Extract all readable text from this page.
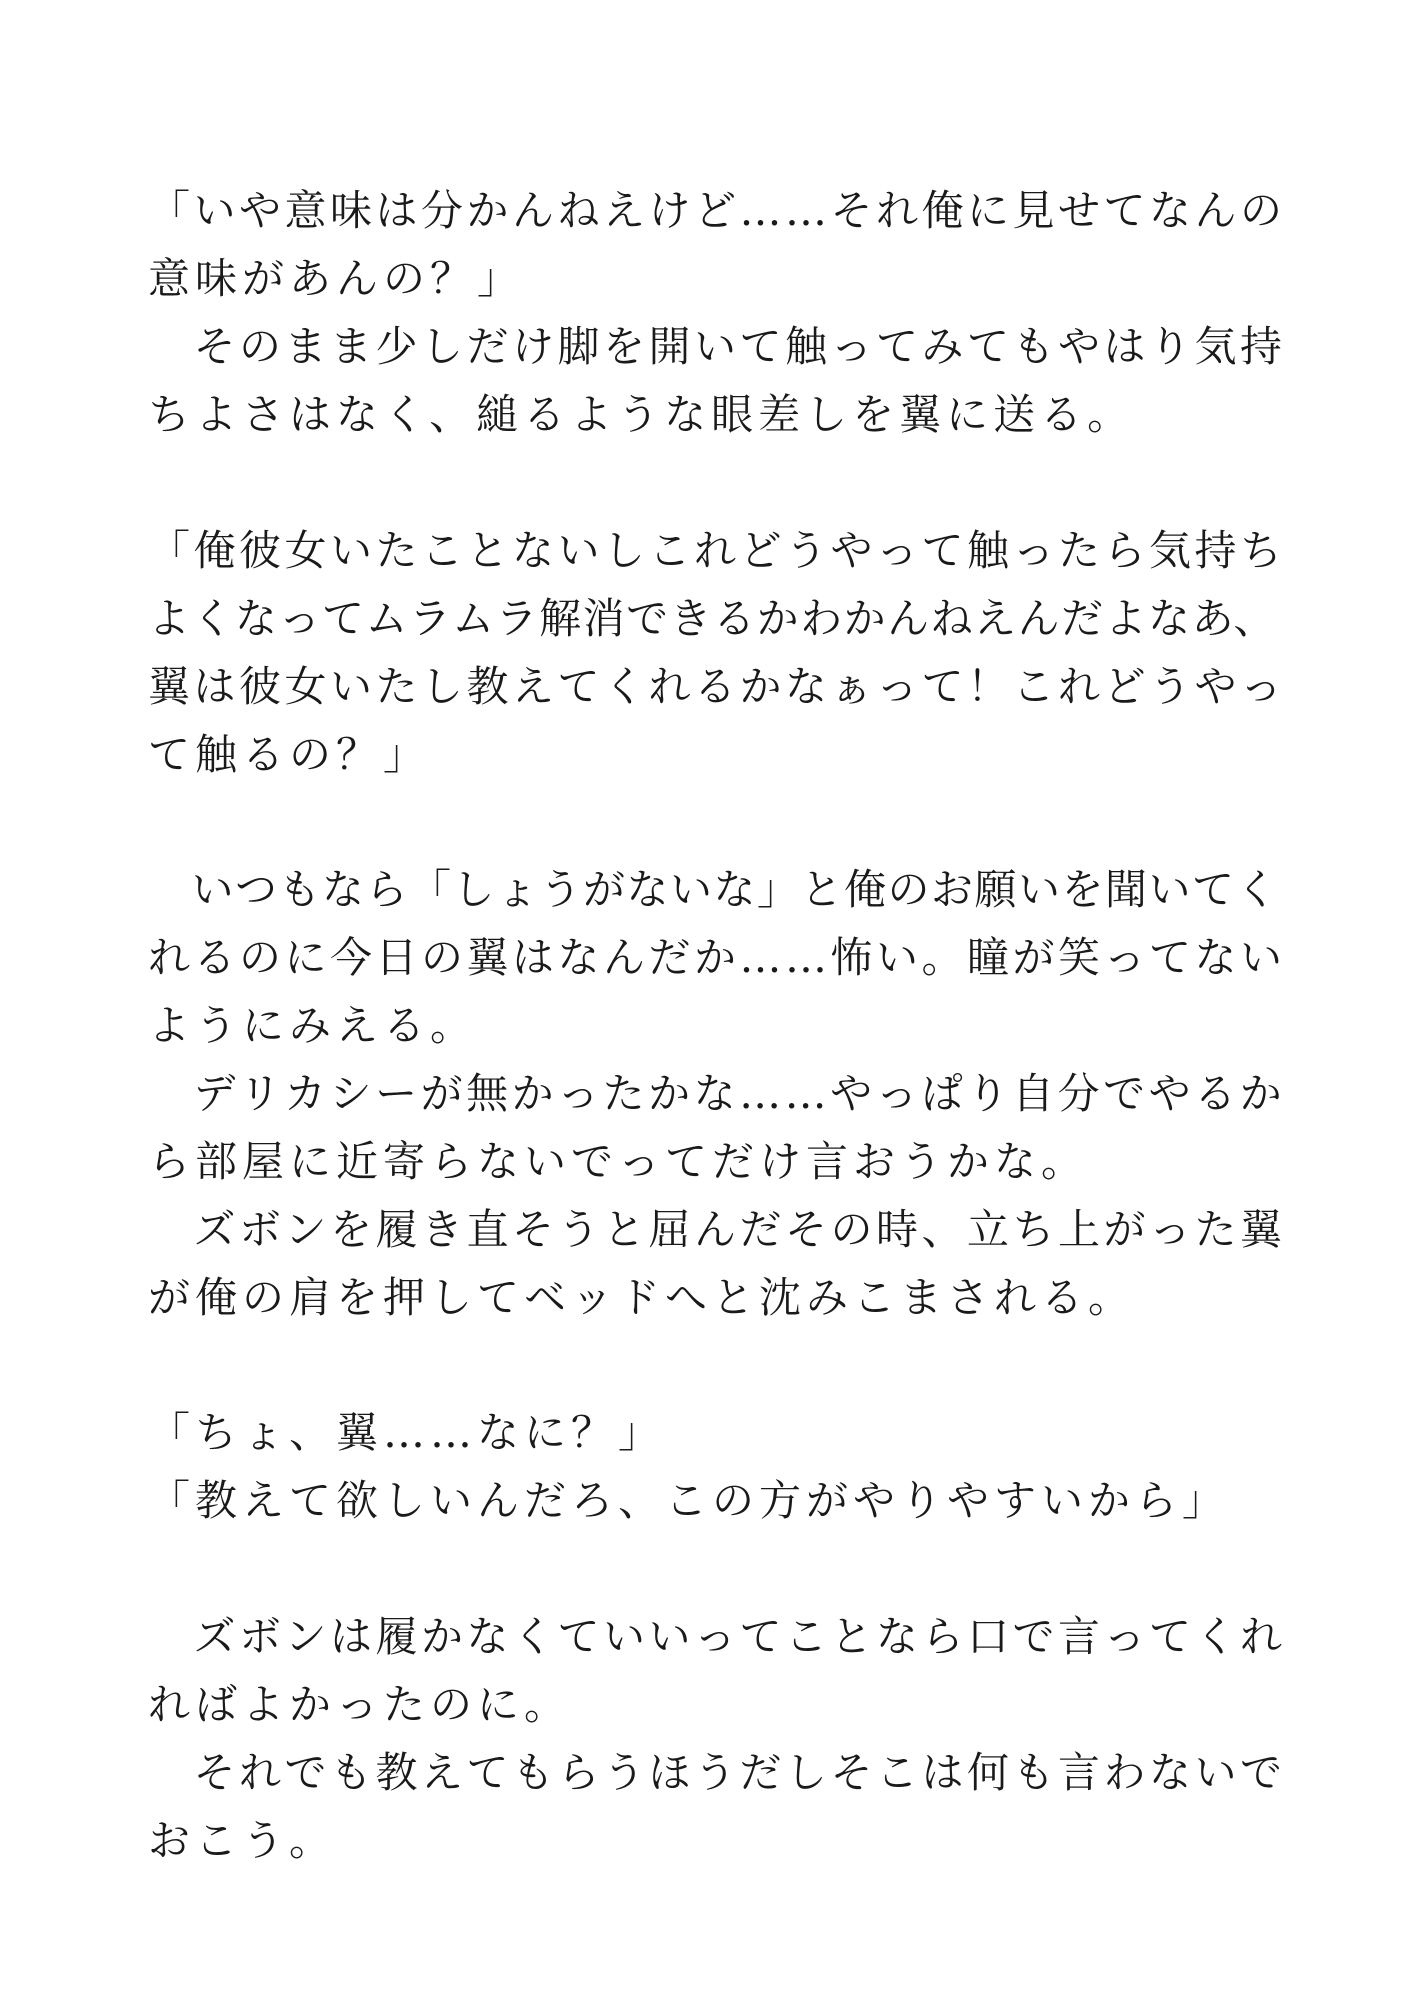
「いや意味は分かんねえけど……それ俺に見せてなんの
意味があんの？」
　そのまま少しだけ脚を開いて触ってみてもやはり気持
ちよさはなく、縋るような眼差しを翼に送る。
「俺彼女いたことないしこれどうやって触ったら気持ち
よくなってムラムラ解消できるかわかんねえんだよなあ、
翼は彼女いたし教えてくれるかなぁって！これどうやっ
て触るの？」
　いつもなら「しょうがないな」と俺のお願いを聞いてく
れるのに今日の翼はなんだか……怖い。瞳が笑ってない
ようにみえる。
　デリカシーが無かったかな……やっぱり自分でやるか
ら部屋に近寄らないでってだけ言おうかな。
　ズボンを履き直そうと屈んだその時、立ち上がった翼
が俺の肩を押してベッドへと沈みこまされる。
「ちょ、翼……なに？」
「教えて欲しいんだろ、この方がやりやすいから」
　ズボンは履かなくていいってことなら口で言ってくれ
ればよかったのに。
　それでも教えてもらうほうだしそこは何も言わないで
おこう。
